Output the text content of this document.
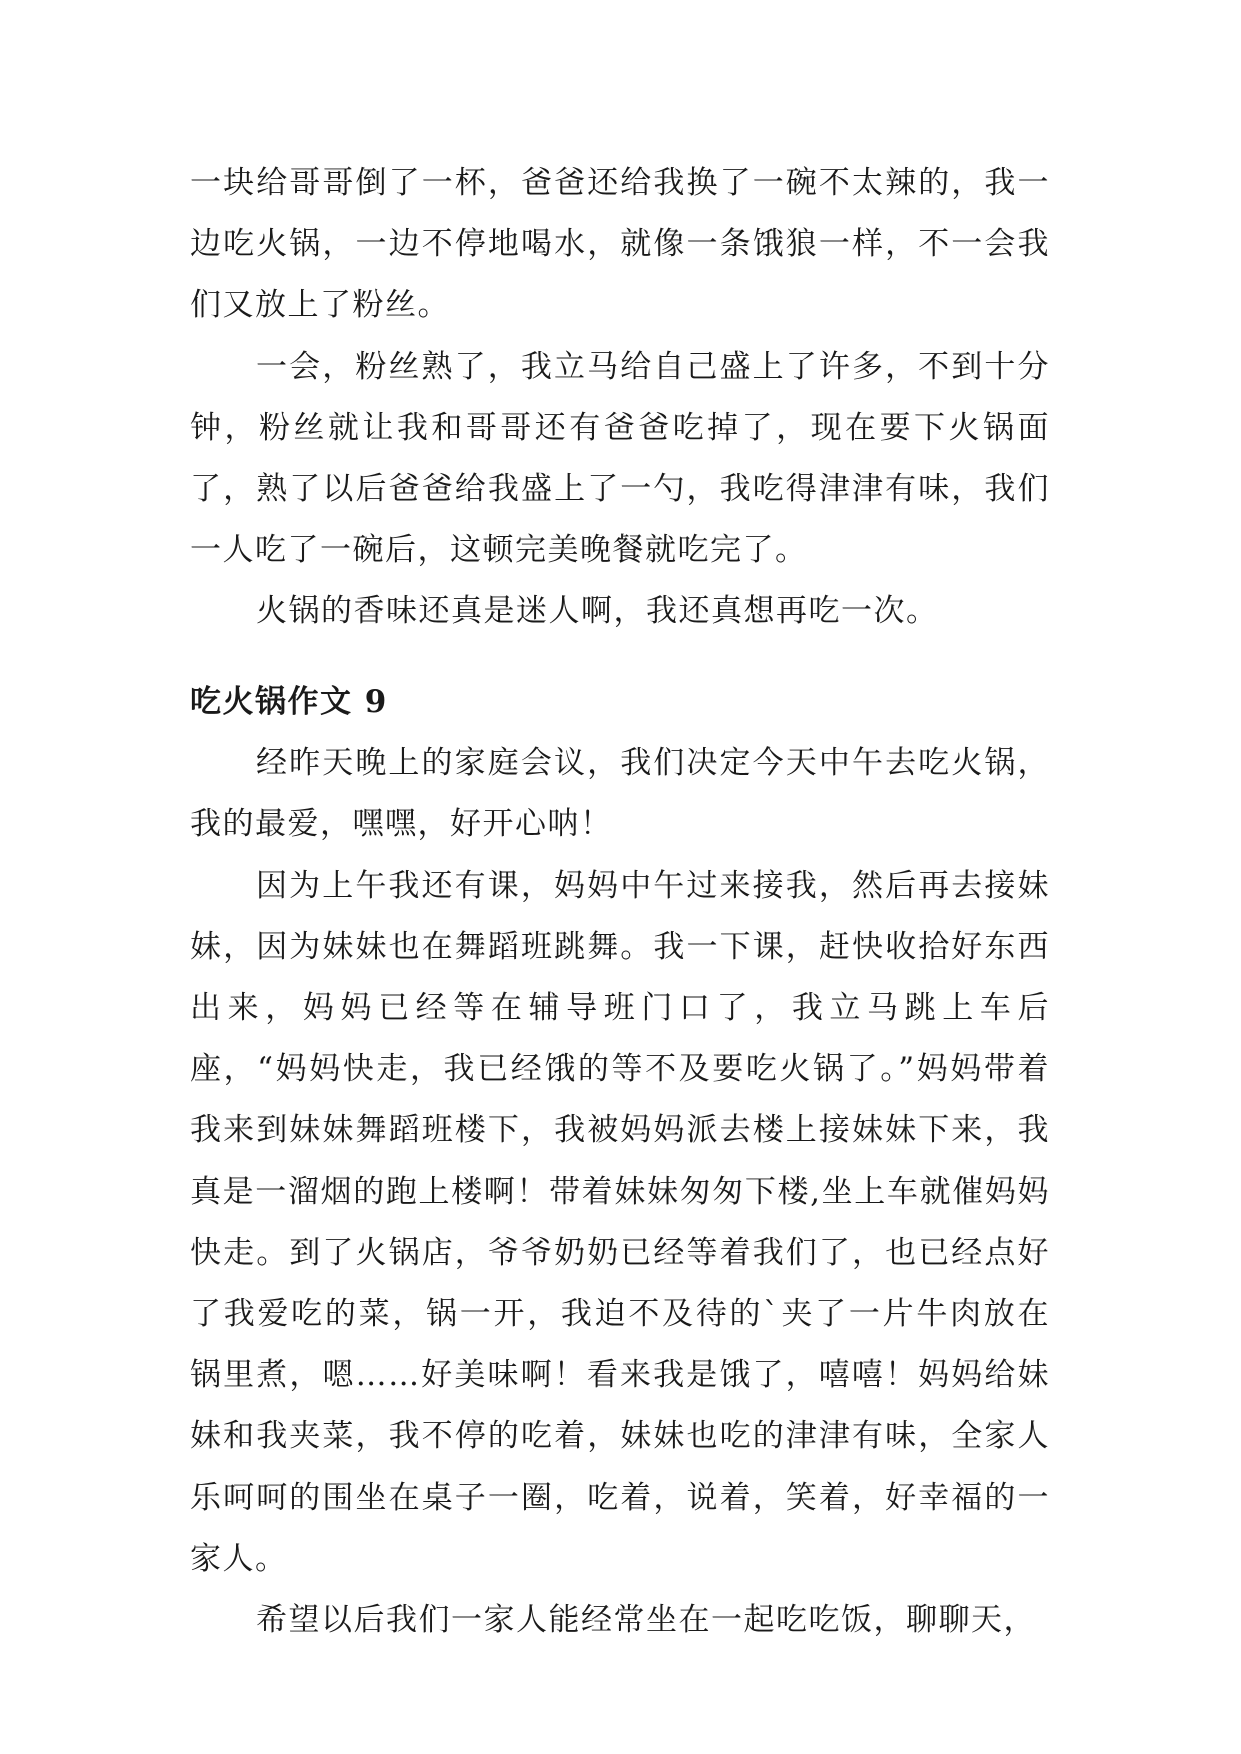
一块给哥哥倒了一杯，爸爸还给我换了一碗不太辣的，我一边吃火锅，一边不停地喝水，就像一条饿狼一样，不一会我们又放上了粉丝。

一会，粉丝熟了，我立马给自己盛上了许多，不到十分钟，粉丝就让我和哥哥还有爸爸吃掉了，现在要下火锅面了，熟了以后爸爸给我盛上了一勺，我吃得津津有味，我们一人吃了一碗后，这顿完美晚餐就吃完了。

火锅的香味还真是迷人啊，我还真想再吃一次。

吃火锅作文 9

经昨天晚上的家庭会议，我们决定今天中午去吃火锅，我的最爱，嘿嘿，好开心呐！

因为上午我还有课，妈妈中午过来接我，然后再去接妹妹，因为妹妹也在舞蹈班跳舞。我一下课，赶快收拾好东西出来，妈妈已经等在辅导班门口了，我立马跳上车后座，“妈妈快走，我已经饿的等不及要吃火锅了。”妈妈带着我来到妹妹舞蹈班楼下，我被妈妈派去楼上接妹妹下来，我真是一溜烟的跑上楼啊！带着妹妹匆匆下楼,坐上车就催妈妈快走。到了火锅店，爷爷奶奶已经等着我们了，也已经点好了我爱吃的菜，锅一开，我迫不及待的`夹了一片牛肉放在锅里煮，嗯……好美味啊！看来我是饿了，嘻嘻！妈妈给妹妹和我夹菜，我不停的吃着，妹妹也吃的津津有味，全家人乐呵呵的围坐在桌子一圈，吃着，说着，笑着，好幸福的一家人。

希望以后我们一家人能经常坐在一起吃吃饭，聊聊天，
